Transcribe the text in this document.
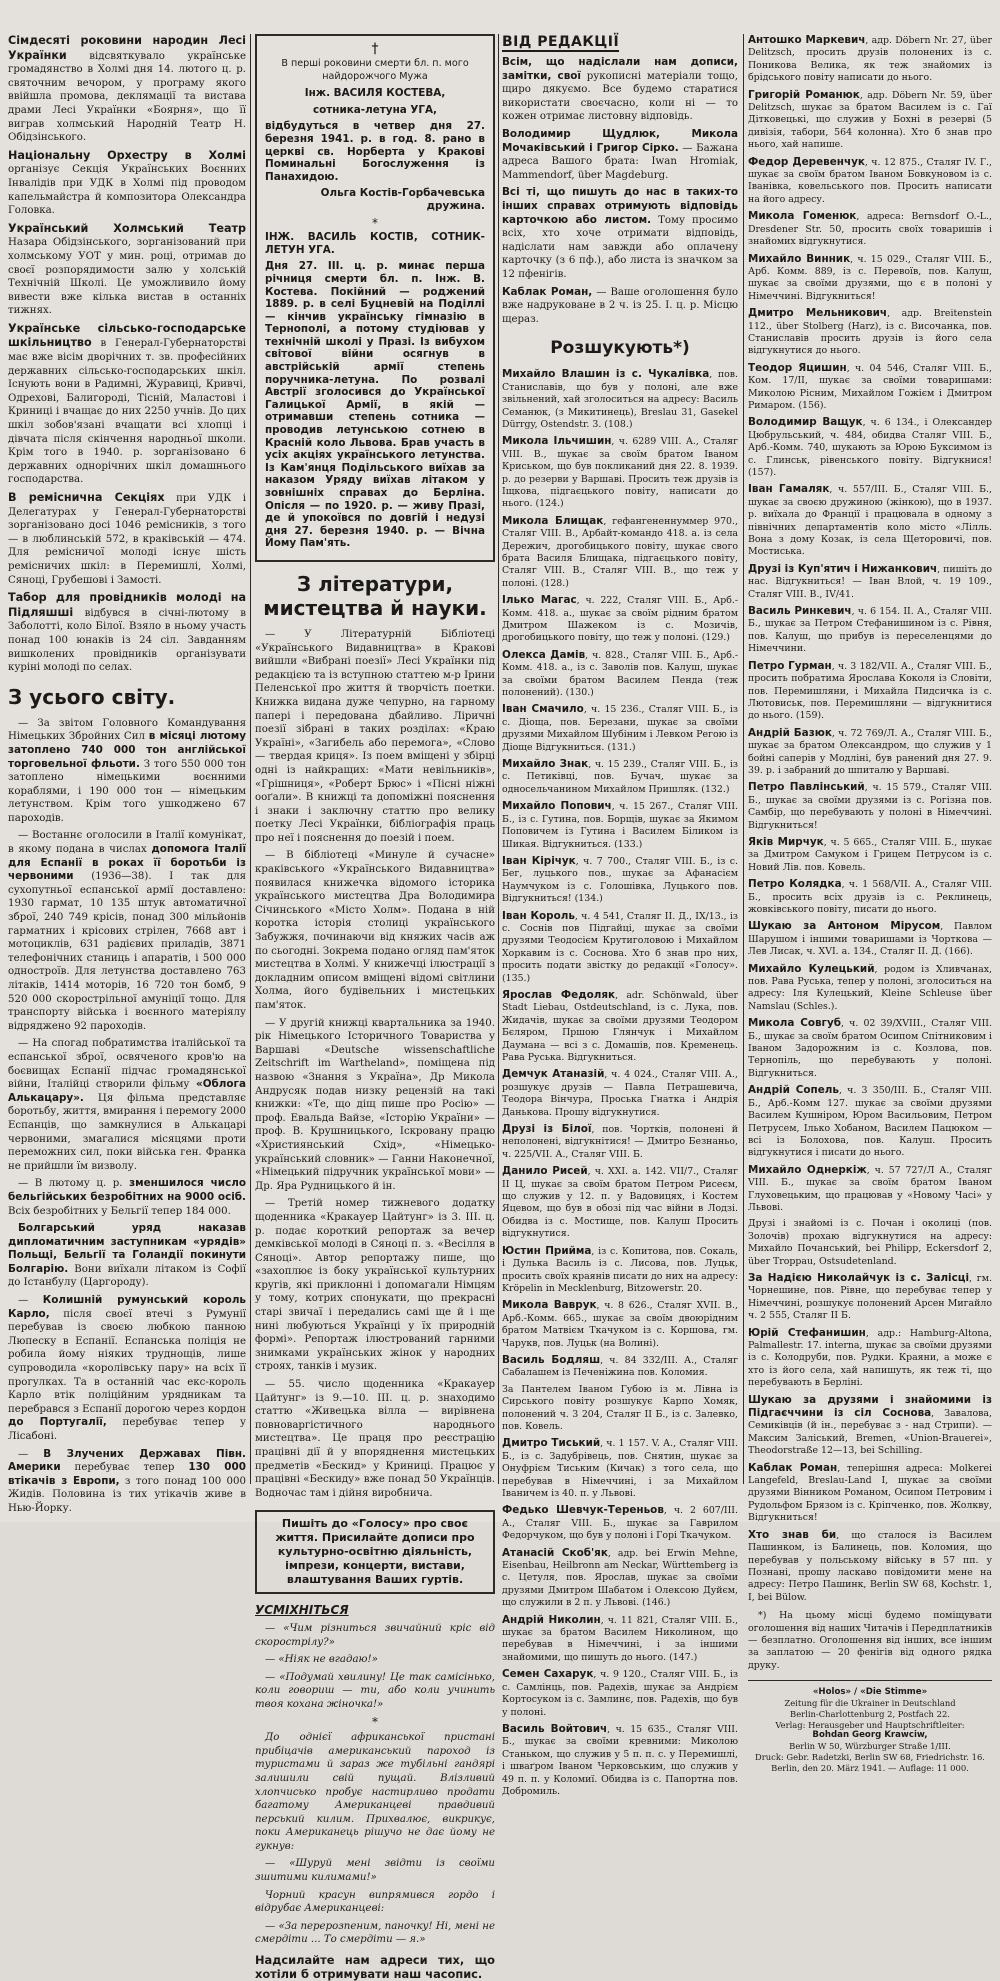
Сімдесяті роковини народин Лесі Українки відсвяткувало українське громадянство в Холмі дня 14. лютого ц. р. святочним вечором, у програму якого ввійшла промова, деклямації та вистава драми Лесі Українки «Боярня», що її виграв холмський Народній Театр Н. Обідзінського.

Національну Орхестру в Холмі організує Секція Українських Воєнних Інвалідів при УДК в Холмі під проводом капельмайстра й композитора Олександра Головка.

Український Холмський Театр Назара Обідзінського, зорганізований при холмському УОТ у мин. році, отримав до своєї розпорядимости залю у холській Технічній Школі. Це уможливило йому вивести вже кілька вистав в останніх тижнях.

Українське сільсько-господарське шкільництво в Генерал-Губернаторстві має вже вісім дворічних т. зв. професійних державних сільсько-господарських шкіл. Існують вони в Радимні, Журавиці, Кривчі, Одрехові, Балигороді, Тісній, Маластові і Криниці і вчащає до них 2250 учнів. До цих шкіл зобов'язані вчащати всі хлопці і дівчата після скінчення народньої школи. Крім того в 1940. р. зорганізовано 6 державних однорічних шкіл домашнього господарства.

В реміснична Секціях при УДК і Делегатурах у Генерал-Губернаторстві зорганізовано досі 1046 ремісників, з того — в люблинській 572, в краківській — 474. Для ремісничої молоді існує шість ремісничих шкіл: в Перемишлі, Холмі, Сяноці, Грубешові і Замості.

Табор для провідників молоді на Підляшші відбувся в січні-лютому в Заболотті, коло Білої. Взяло в ньому участь понад 100 юнаків із 24 сіл. Завданням вишколених провідників організувати куріні молоді по селах.

З усього світу.

— За звітом Головного Командування Німецьких Збройних Сил в місяці лютому затоплено 740 000 тон англійської торговельної фльоти. З того 550 000 тон затоплено німецькими воєнними кораблями, і 190 000 тон — німецьким летунством. Крім того ушкоджено 67 пароходів.

— Востаннє оголосили в Італії комунікат, в якому подана в числах допомога Італії для Еспанії в роках її боротьби із червоними (1936—38). І так для сухопутньої еспанської армії доставлено: 1930 гармат, 10 135 штук автоматичної зброї, 240 749 крісів, понад 300 мільйонів гарматних і крісових стрілен, 7668 авт і мотоциклів, 631 радієвих приладів, 3871 телефонічних станиць і апаратів, і 500 000 одностроїв. Для летунства доставлено 763 літаків, 1414 моторів, 16 720 тон бомб, 9 520 000 скорострільної амуніції тощо. Для транспорту війська і воєнного матеріялу відряджено 92 пароходів.

— На спогад побратимства італійської та еспанської зброї, освяченого кров'ю на боєвищах Еспанії підчас громадянської війни, Італійці створили фільму «Облога Алькацару». Ця фільма представляє боротьбу, життя, вмирання і перемогу 2000 Еспанців, що замкнулися в Алькацарі червоними, змагалися місяцями проти переможних сил, поки війська ген. Франка не прийшли їм визволу.

— В лютому ц. р. зменшилося число бельгійських безробітних на 9000 осіб. Всіх безробітних у Бельгії тепер 184 000.

Болгарський уряд наказав дипломатичним заступникам «урядів» Польщі, Бельгії та Голандії покинути Болгарію. Вони виїхали літаком із Софії до Істанбулу (Царгороду).

— Колишній румунський король Карло, після своєї втечі з Румунії перебував із своєю любкою панною Люпеску в Еспанії. Еспанська поліція не робила йому ніяких труднощів, лише супроводила «королівську пару» на всіх її прогулках. Та в останній час екс-король Карло втік поліційним урядникам та перебрався з Еспанії дорогою через кордон до Португалії, перебуває тепер у Лісабоні.

— В Злучених Державах Півн. Америки перебуває тепер 130 000 втікачів з Европи, з того понад 100 000 Жидів. Половина із тих утікачів живе в Нью-Йорку.

†

В перші роковини смерти бл. п. мого найдорожчого Мужа

Інж. ВАСИЛЯ КОСТЕВА,

сотника-летуна УГА,

відбудуться в четвер дня 27. березня 1941. р. в год. 8. рано в церкві св. Норберта у Кракові Поминальні Богослуження із Панахидою.

Ольга Костів-Горбачевська дружина.

*

ІНЖ. ВАСИЛЬ КОСТІВ, СОТНИК-ЛЕТУН УГА.

Дня 27. III. ц. р. минає перша річниця смерти бл. п. Інж. В. Костева. Покійний — роджений 1889. р. в селі Буцневій на Поділлі — кінчив українську гімназію в Тернополі, а потому студіював у технічній школі у Празі. Із вибухом світової війни осягнув в австрійській армії степень поручника-летуна. По розвалі Австрії зголосився до Української Галицької Армії, в якій — отримавши степень сотника — проводив летунською сотнею в Красній коло Львова. Брав участь в усіх акціях українського летунства. Із Кам'янця Подільського виїхав за наказом Уряду виїхав літаком у зовнішніх справах до Берліна. Опісля — по 1920. р. — живу Празі, де й упокоївся по довгій і недузі дня 27. березня 1940. р. — Вічна Йому Пам'ять.

З літератури, мистецтва й науки.

— У Літературній Бібліотеці «Українського Видавництва» в Кракові вийшли «Вибрані поезії» Лесі Українки під редакцією та із вступною статтею м-р Ірини Пеленської про життя й творчість поетки. Книжка видана дуже чепурно, на гарному папері і передована дбайливо. Ліричні поезії зібрані в таких розділах: «Краю Україні», «Загибель або перемога», «Слово — твердая криця». Із поем вміщені у збірці одні із найкращих: «Мати невільників», «Грішниця», «Роберт Брюс» і «Пісні ніжні ооґали». В книжці та допоміжні пояснення і знаки і заключну статтю про велику поетку Лесі Українки, бібліографія праць про неї і пояснення до поезій і поем.

— В бібліотеці «Минуле й сучасне» краківського «Українського Видавництва» появилася книжечка відомого історика українського мистецтва Дра Володимира Січинського «Місто Холм». Подана в ній коротка історія столиці українського Забужжя, починаючи від княжих часів аж по сьогодні. Зокрема подано огляд пам'яток мистецтва в Холмі. У книжечці ілюстрації з докладним описом вміщені відомі світлини Холма, його будівельних і мистецьких пам'яток.

— У другій книжці квартальника за 1940. рік Німецького Історичного Товариства у Варшаві «Deutsche wissenschaftliche Zeitschrift im Wartheland», поміщена під назвою «Знання з Україна», Др Микола Андрусяк подав низку рецензій на такі книжки: «Те, що діщ пише про Росію» — проф. Евальда Вайзе, «Історію України» — проф. В. Крушницького, Іскровану працю «Християнський Схід», «Німецько-український словник» — Ганни Наконечної, «Німецький підручник української мови» — Др. Яра Рудницького й ін.

— Третій номер тижневого додатку щоденника «Кракауер Цайтунг» із 3. III. ц. р. подає короткий репортаж за вечер демківської молоді в Сяноці п. з. «Весілля в Сяноці». Автор репортажу пише, що «захоплює із боку української культурних кругів, які приклонні і допомагали Німцям у тому, котрих спонукати, що прекрасні старі звичаї і передались самі ще й і ще нині любуються Українці у їх природній формі». Репортаж ілюстрований гарними знимками українських жінок у народних строях, танків і музик.

— 55. число щоденника «Кракауер Цайтунг» із 9.—10. III. ц. р. знаходимо статтю «Живецька вілла — вирівнена повноваргістичного народнього мистецтва». Це праця про реєстрацію працівні дії й у впоряднення мистецьких предметів «Бескид» у Криниці. Працює у працівні «Бескиду» вже понад 50 Українців. Водночас там і дійня виробнича.

Пишіть до «Голосу» про своє життя. Присилайте дописи про культурно-освітню діяльність, імпрези, концерти, вистави, влаштування Ваших гуртів.

УСМІХНІТЬСЯ

— «Чим різниться звичайний кріс від скорострілу?»

— «Ніяк не вгадаю!»

— «Подумай хвилину! Це так самісінько, коли говориш — ти, або коли учинить твоя кохана жіночка!»

*

До однієї африканської пристані прибіцачів американський пароход із туристами й зараз же тубільні гандярі залишили свій пущай. Влізливий хлопчисько пробує настирливо продати багатому Американцеві правдивий перський килим. Прихвалює, викрикує, поки Американець рішучо не дає йому не гукнув:

— «Шуруй мені звідти із своїми зшитими килимами!»

Чорний красун випрямився гордо і відрубає Американцеві:

— «За перерозпеним, паночку! Ні, мені не смердіти ... То смердіти — я.»

Надсилайте нам адреси тих, що хотіли б отримувати наш часопис.
ВІД РЕДАКЦІЇ

Всім, що надіслали нам дописи, замітки, свої рукописні матеріали тощо, щиро дякуємо. Все будемо старатися використати своєчасно, коли ні — то кожен отримає листовну відповідь.

Володимир Щудлюк, Микола Мочаківський і Григор Сірко. — Бажана адреса Вашого брата: Iwan Hromiak, Mammendorf, über Magdeburg.

Всі ті, що пишуть до нас в таких-то інших справах отримують відповідь карточкою або листом. Тому просимо всіх, хто хоче отримати відповідь, надіслати нам завжди або оплачену карточку (з 6 пф.), або листа із значком за 12 пфенігів.

Каблак Роман, — Ваше оголошення було вже надруковане в 2 ч. із 25. І. ц. р. Місцю щераз.

Розшукують*)

Михайло Влашин із с. Чукалівка, пов. Станиславів, що був у полоні, але вже звільнений, хай зголоситься на адресу: Василь Семанюк, (з Микитинець), Breslau 31, Gasekel Dürrgy, Ostendstr. 3. (108.)

Микола Ільчишин, ч. 6289 VIII. А., Сталяг VIII. В., шукає за своїм братом Іваном Криськом, що був покликаний дня 22. 8. 1939. р. до резерви у Варшаві. Просить теж друзів із Іщкова, підгаєцького повіту, написати до нього. (124.)

Микола Блищак, гефангененнуммер 970., Сталяг VIII. В., Арбайт-командо 418. а. із села Дережич, дрогобицького повіту, шукає свого брата Василя Блищака, підгаєцького повіту, Сталяг VIII. В., Сталяг VIII. В., що теж у полоні. (128.)

Ількo Магас, ч. 222, Сталяг VIII. Б., Арб.-Комм. 418. а., шукає за своїм рідним братом Дмитром Шажеком із с. Мозичів, дрогобицького повіту, що теж у полоні. (129.)

Олекса Дамів, ч. 828., Сталяг VIII. Б., Арб.-Комм. 418. а., із с. Заволів пов. Калуш, шукає за своїми братом Василем Пенда (теж полонений). (130.)

Іван Смачило, ч. 15 236., Сталяг VIII. Б., із с. Діоща, пов. Березани, шукає за своїми друзями Михайлом Шубіним і Левком Регою із Діоще Відгукниться. (131.)

Михайло Знак, ч. 15 239., Сталяг VIII. Б., із с. Петиківці, пов. Бучач, шукає за односельчанином Михайлом Пришляк. (132.)

Михайло Попович, ч. 15 267., Сталяг VIII. Б., із с. Гутина, пов. Борщів, шукає за Якимом Поповичем із Гутина і Василем Біликом із Шикая. Відгукниться. (133.)

Іван Кірічук, ч. 7 700., Сталяг VIII. Б., із с. Бег, луцького пов., шукає за Афанасієм Наумчуком із с. Голошівка, Луцького пов. Відгукниться! (134.)

Іван Король, ч. 4 541, Сталяг II. Д., IX/13., із с. Соснів пов Підгайці, шукає за своїми друзями Теодосієм Крутиголовою і Михайлом Хоркавим із с. Соснова. Хто б знав про них, просить подати звістку до редакції «Голосу». (135.)

Ярослав Федоляк, adr. Schönwald, über Stadt Liebau, Ostdeutschland, із с. Лука, пов. Жидачів, шукає за своїми друзями Теодором Бєляром, Пршою Глянчук і Михайлом Даумана — всі з с. Домашів, пов. Кременець. Рава Руська. Відгукниться.

Демчук Атаназій, ч. 4 024., Сталяг VIII. А., розшукує друзів — Павла Петрашевича, Теодора Вінчура, Проська Гнатка і Андрія Данькова. Прошу відгукнутися.

Друзі із Білої, пов. Чортків, полонені й неполонені, відгукнітися! — Дмитро Безнаньо, ч. 225/VII. А., Сталяг VIII. Б.

Данило Рисей, ч. XXI. а. 142. VII/7., Сталяг II Ц, шукає за своїм братом Петром Рисеєм, що служив у 12. п. у Вадовицях, і Костем Яцевом, що був в обозі під час війни в Лодзі. Обидва із с. Мостище, пов. Калуш Просить відгукнутися.

Юстин Прийма, із с. Копитова, пов. Сокаль, і Дулька Василь із с. Лисова, пов. Луцьк, просить своїх краянів писати до них на адресу: Kröpelin in Mecklenburg, Bitzowerstr. 20.

Микола Ваврук, ч. 8 626., Сталяг XVII. В., Арб.-Комм. 665., шукає за своїм двоюрідним братом Матвієм Ткачуком із с. Коршова, гм. Чарукв, пов. Луцьк (на Волині).

Василь Бодляш, ч. 84 332/III. А., Сталяг Сабалашем із Печеніжина пов. Коломия.

За Пантелем Іваном Губою із м. Лівна із Сирського повіту розшукує Карпо Хомяк, полонений ч. 3 204, Сталяг II Б., із с. Залевко, пов. Ковель.

Дмитро Тиський, ч. 1 157. V. А., Сталяг VIII. Б., із с. Задубрівець, пов. Снятин, шукає за Онуфрієм Тиським (Кичак) з того села, що перебував в Німеччині, і за Михайлом Іваничем із 40. п. у Львові.

Федько Шевчук-Тереньов, ч. 2 607/III. А., Сталяг VIII. Б., шукає за Гаврилом Федорчуком, що був у полоні і Горі Ткачуком.

Атанасій Скоб'як, адр. bei Erwin Mehne, Eisenbau, Heilbronn am Neckar, Württemberg із с. Цетуля, пов. Ярослав, шукає за своїми друзями Дмитром Шабатом і Олексою Дуйєм, що служили в 2 п. у Львові. (146.)

Андрій Николин, ч. 11 821, Сталяг VIII. Б., шукає за братом Василем Николином, що перебував в Німеччині, і за іншими знайомими, що пишуть до нього. (147.)

Семен Сахарук, ч. 9 120., Сталяг VIII. Б., із с. Самлінць, пов. Радехів, шукає за Андрієм Кортосуком із с. Замлинє, пов. Радехів, що був у полоні.

Василь Войтович, ч. 15 635., Сталяг VIII. Б., шукає за своїми кревними: Миколою Станьком, що служив у 5 п. п. с. у Перемишлі, і шваґром Іваном Черковським, що служив у 49 п. п. у Коломиї. Обидва із с. Папортна пов. Добромиль.

Антошко Маркевич, адр. Döbern Nr. 27, über Delitzsch, просить друзів полонених із с. Поникова Велика, як теж знайомих із брідського повіту написати до нього.

Григорій Романюк, адр. Döbern Nr. 59, über Delitzsch, шукає за братом Василем із с. Гаї Дітковецькі, що служив у Бохні в резерві (5 дивізія, табори, 564 колонна). Хто б знав про нього, хай напише.

Федор Деревенчук, ч. 12 875., Сталяг IV. Г., шукає за своїм братом Іваном Бовкуновом із с. Іванівка, ковельського пов. Просить написати на його адресу.

Микола Гоменюк, адреса: Bernsdorf O.-L., Dresdener Str. 50, просить своїх товаришів і знайомих відгукнутися.

Михайло Винник, ч. 15 029., Сталяг VIII. Б., Арб. Комм. 889, із с. Перевоїв, пов. Калуш, шукає за своїми друзями, що є в полоні у Німеччині. Відгукниться!

Дмитро Мельникович, адр. Breitenstein 112., über Stolberg (Harz), із с. Височанка, пов. Станиславів просить друзів із його села відгукнутися до нього.

Теодор Яцишин, ч. 04 546, Сталяг VIII. Б., Ком. 17/II, шукає за своїми товаришами: Миколою Рісним, Михайлом Гожієм і Дмитром Римаром. (156).

Володимир Ващук, ч. 6 134., і Олександер Цюбрульський, ч. 484, обидва Сталяг VIII. Б., Арб.-Комм. 740, шукають за Юрою Буксимом із с. Глинськ, рівенського повіту. Відгукнися! (157).

Іван Гамаляк, ч. 557/III. Б., Сталяг VIII. Б., шукає за своєю дружиною (жінкою), що в 1937. р. виїхала до Франції і працювала в одному з північних департаментів коло місто «Лілль. Вона з дому Козак, із села Щеторовичі, пов. Мостиська.

Друзі із Куп'ятич і Нижанкович, пишіть до нас. Відгукниться! — Іван Влой, ч. 19 109., Сталяг VIII. В., IV/41.

Василь Ринкевич, ч. 6 154. II. А., Сталяг VIII. Б., шукає за Петром Стефанишином із с. Рівня, пов. Калуш, що прибув із переселенцями до Німеччини.

Петро Гурман, ч. 3 182/VII. А., Сталяг VIII. Б., просить побратима Ярослава Коколя із Словіти, пов. Перемишляни, і Михайла Пидсичка із с. Лютовиськ, пов. Перемишляни — відгукнитися до нього. (159).

Андрій Базюк, ч. 72 769/Л. А., Сталяг VIII. Б., шукає за братом Олександром, що служив у 1 бойні саперів у Модліні, був ранений дня 27. 9. 39. р. і забраний до шпиталю у Варшаві.

Петро Павлінський, ч. 15 579., Сталяг VIII. Б., шукає за своїми друзями із с. Рогізна пов. Самбір, що перебувають у полоні в Німеччині. Відгукниться!

Яків Мирчук, ч. 5 665., Сталяг VIII. Б., шукає за Дмитром Самуком і Грицем Петрусом із с. Новий Лів. пов. Ковель.

Петро Колядка, ч. 1 568/VII. А., Сталяг VIII. Б., просить всіх друзів із с. Реклинець, жовківського повіту, писати до нього.

Шукаю за Антоном Мірусом, Павлом Шарушом і іншими товаришами із Чорткова — Лев Лисак, ч. XVI. а. 134., Сталяг II. Д. (166).

Михайло Кулецький, родом із Хливчанах, пов. Рава Руська, тепер у полоні, зголоситься на адресу: Іля Кулецький, Kleine Schleuse über Namslau (Schles.).

Микола Совгуб, ч. 02 39/ХVIII., Сталяг VIII. Б., шукає за своїм братом Осипом Спітниковим і Іваном Задорожним із с. Козлова, пов. Тернопіль, що перебувають у полоні. Відгукниться.

Андрій Сопель, ч. 3 350/III. Б., Сталяг VIII. Б., Арб.-Комм 127. шукає за своїми друзями Василем Кушніром, Юром Васильовим, Петром Петрусем, Ілько Хобаном, Василем Пацюком — всі із Болохова, пов. Калуш. Просить відгукнутися і писати до нього.

Михайло Однеркіж, ч. 57 727/Л А., Сталяг VIII. Б., шукає за своїм братом Іваном Глуховецьким, що працював у «Новому Часі» у Львові.

Друзі і знайомі із с. Почан і околиці (пов. Золочів) прохаю відгукнутися на адресу: Михайло Почанський, bei Philipp, Eckersdorf 2, über Troppau, Ostsudetenland.

За Надією Николайчук із с. Залісці, гм. Чорнешине, пов. Рівне, що перебуває тепер у Німеччині, розшукує полонений Арсен Мигайло ч. 2 555, Сталяг II Б.

Юрій Стефанишин, адр.: Hamburg-Altona, Palmallestr. 17. interna, шукає за своїми друзями із с. Колодруби, пов. Рудки. Краяни, а може є хто із його села, хай напишуть, як теж ті, що перебувають в Берліні.

Шукаю за друзями і знайомими із Підгаєччини із сіл Соснова, Завалова, Семиківців (й ін., перебуває з - над Стрипи). — Максим Заліський, Bremen, «Union-Brauerei», Theodorstraße 12—13, bei Schilling.

Каблак Роман, теперішня адреса: Molkerei Langefeld, Breslau-Land I, шукає за своїми друзями Вінником Романом, Осипом Петровим і Рудольфом Брязом із с. Кріпченко, пов. Жолкву, Відгукниться!

Хто знав би, що сталося із Василем Пашинком, із Балинець, пов. Коломия, що перебував у польському війську в 57 пп. у Познані, прошу ласкаво повідомити мене на адресу: Петро Пашинк, Berlin SW 68, Kochstr. 1, I, bei Bülow.

*) На цьому місці будемо поміщувати оголошення від наших Читачів і Передплатників — безплатно. Оголошення від інших, все іншим за заплатою — 20 фенігів від одного рядка друку.

«Holos» / «Die Stimme»

Zeitung für die Ukrainer in Deutschland

Berlin-Charlottenburg 2, Postfach 22.

Verlag: Herausgeber und Hauptschriftleiter:

Bohdan Georg Krawciw,

Berlin W 50, Würzburger Straße 1/III.

Druck: Gebr. Radetzki, Berlin SW 68, Friedrichstr. 16.

Berlin, den 20. März 1941. — Auflage: 11 000.
